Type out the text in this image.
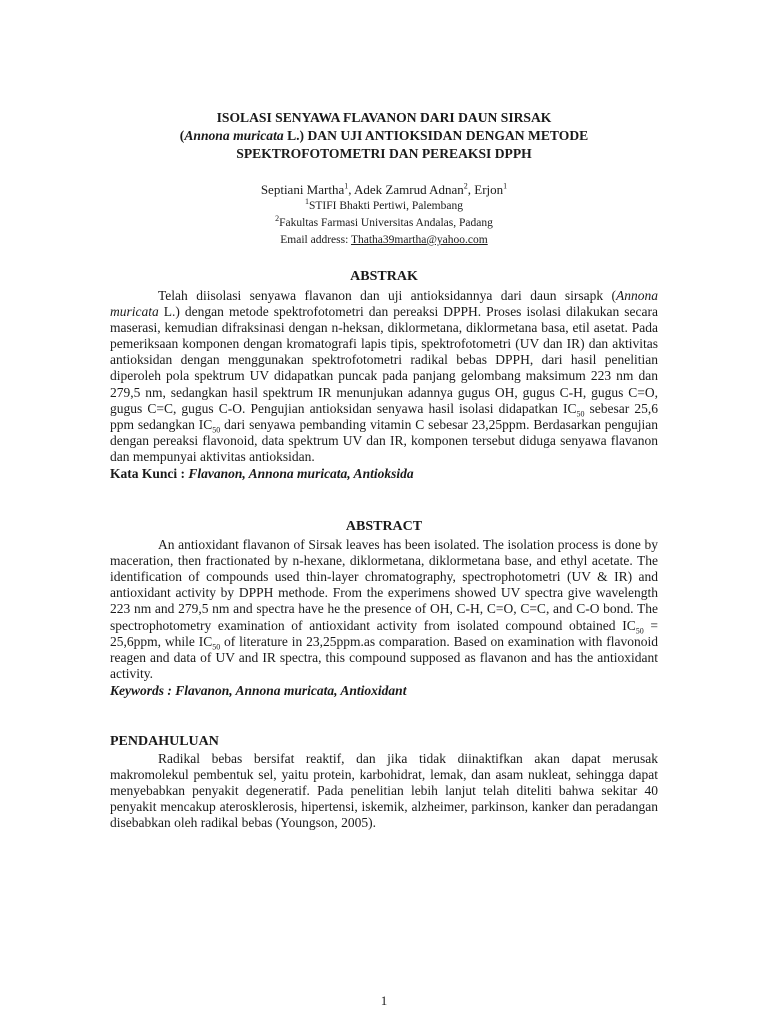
ISOLASI SENYAWA FLAVANON DARI DAUN SIRSAK
(Annona muricata L.) DAN UJI ANTIOKSIDAN DENGAN METODE
SPEKTROFOTOMETRI DAN PEREAKSI DPPH
Septiani Martha$^1$, Adek Zamrud Adnan$^2$, Erjon$^1$
$^1$STIFI Bhakti Pertiwi, Palembang
$^2$Fakultas Farmasi Universitas Andalas, Padang
Email address: Thatha39martha@yahoo.com
ABSTRAK
Telah diisolasi senyawa flavanon dan uji antioksidannya dari daun sirsapk (Annona muricata L.) dengan metode spektrofotometri dan pereaksi DPPH. Proses isolasi dilakukan secara maserasi, kemudian difraksinasi dengan n-heksan, diklormetana, diklormetana basa, etil asetat. Pada pemeriksaan komponen dengan kromatografi lapis tipis, spektrofotometri (UV dan IR) dan aktivitas antioksidan dengan menggunakan spektrofotometri radikal bebas DPPH, dari hasil penelitian diperoleh pola spektrum UV didapatkan puncak pada panjang gelombang maksimum 223 nm dan 279,5 nm, sedangkan hasil spektrum IR menunjukan adannya gugus OH, gugus C-H, gugus C=O, gugus C=C, gugus C-O. Pengujian antioksidan senyawa hasil isolasi didapatkan $IC_{50}$ sebesar 25,6 ppm sedangkan $IC_{50}$ dari senyawa pembanding vitamin C sebesar 23,25ppm. Berdasarkan pengujian dengan pereaksi flavonoid, data spektrum UV dan IR, komponen tersebut diduga senyawa flavanon dan mempunyai aktivitas antioksidan.
Kata Kunci : Flavanon, Annona muricata, Antioksida
ABSTRACT
An antioxidant flavanon of Sirsak leaves has been isolated. The isolation process is done by maceration, then fractionated by n-hexane, diklormetana, diklormetana base, and ethyl acetate. The identification of compounds used thin-layer chromatography, spectrophotometri (UV & IR) and antioxidant activity by DPPH methode. From the experimens showed UV spectra give wavelength 223 nm and 279,5 nm and spectra have he the presence of OH, C-H, C=O, C=C, and C-O bond. The spectrophotometry examination of antioxidant activity from isolated compound obtained $IC_{50} = 25,6ppm$, while $IC_{50}$ of literature in 23,25ppm.as comparation. Based on examination with flavonoid reagen and data of UV and IR spectra, this compound supposed as flavanon and has the antioxidant activity.
Keywords : Flavanon, Annona muricata, Antioxidant
PENDAHULUAN
Radikal bebas bersifat reaktif, dan jika tidak diinaktifkan akan dapat merusak makromolekul pembentuk sel, yaitu protein, karbohidrat, lemak, dan asam nukleat, sehingga dapat menyebabkan penyakit degeneratif. Pada penelitian lebih lanjut telah diteliti bahwa sekitar 40 penyakit mencakup aterosklerosis, hipertensi, iskemik, alzheimer, parkinson, kanker dan peradangan disebabkan oleh radikal bebas (Youngson, 2005).
1
